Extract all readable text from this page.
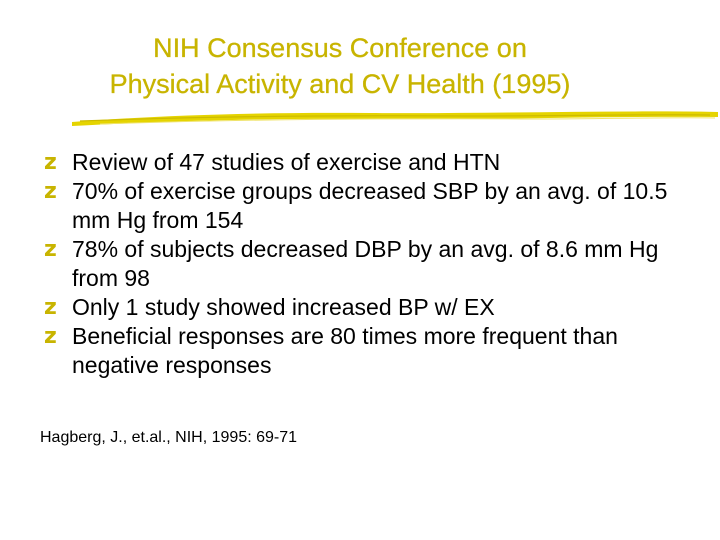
NIH Consensus Conference on
Physical Activity and CV Health (1995)
z Review of 47 studies of exercise and HTN
z 70% of exercise groups decreased SBP by an avg. of 10.5 mm Hg from 154
z 78% of subjects decreased DBP by an avg. of 8.6 mm Hg from 98
z Only 1 study showed increased BP w/ EX
z Beneficial responses are 80 times more frequent than negative responses
Hagberg, J., et.al., NIH, 1995: 69-71
